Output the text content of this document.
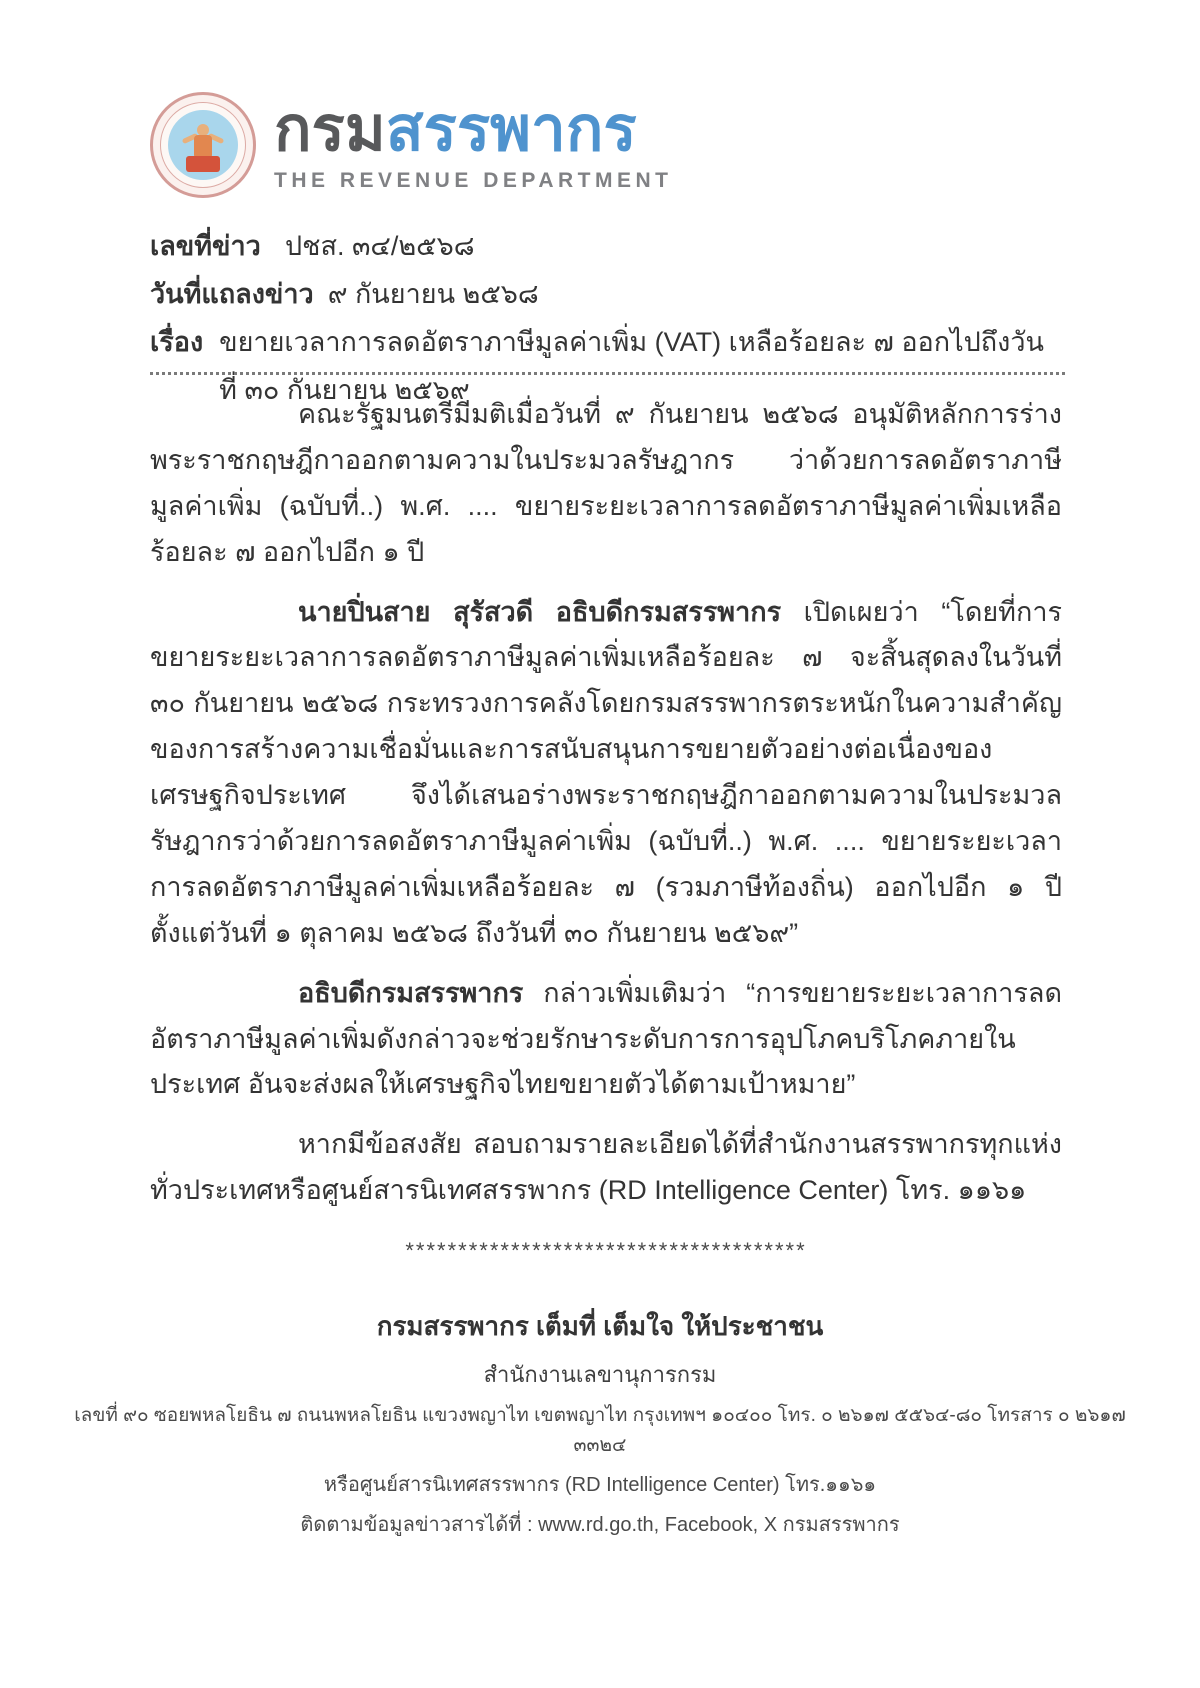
กรมสรรพากร
THE REVENUE DEPARTMENT
เลขที่ข่าว ปชส. ๓๔/๒๕๖๘
วันที่แถลงข่าว ๙ กันยายน ๒๕๖๘
เรื่อง ขยายเวลาการลดอัตราภาษีมูลค่าเพิ่ม (VAT) เหลือร้อยละ ๗ ออกไปถึงวันที่ ๓๐ กันยายน ๒๕๖๙

คณะรัฐมนตรีมีมติเมื่อวันที่ ๙ กันยายน ๒๕๖๘ อนุมัติหลักการร่างพระราชกฤษฎีกาออกตามความในประมวลรัษฎากร ว่าด้วยการลดอัตราภาษีมูลค่าเพิ่ม (ฉบับที่..) พ.ศ. .... ขยายระยะเวลาการลดอัตราภาษีมูลค่าเพิ่มเหลือร้อยละ ๗ ออกไปอีก ๑ ปี

นายปิ่นสาย สุรัสวดี อธิบดีกรมสรรพากร เปิดเผยว่า “โดยที่การขยายระยะเวลาการลดอัตราภาษีมูลค่าเพิ่มเหลือร้อยละ ๗ จะสิ้นสุดลงในวันที่ ๓๐ กันยายน ๒๕๖๘ กระทรวงการคลังโดยกรมสรรพากรตระหนักในความสำคัญของการสร้างความเชื่อมั่นและการสนับสนุนการขยายตัวอย่างต่อเนื่องของเศรษฐกิจประเทศ จึงได้เสนอร่างพระราชกฤษฎีกาออกตามความในประมวลรัษฎากรว่าด้วยการลดอัตราภาษีมูลค่าเพิ่ม (ฉบับที่..) พ.ศ. .... ขยายระยะเวลาการลดอัตราภาษีมูลค่าเพิ่มเหลือร้อยละ ๗ (รวมภาษีท้องถิ่น) ออกไปอีก ๑ ปี ตั้งแต่วันที่ ๑ ตุลาคม ๒๕๖๘ ถึงวันที่ ๓๐ กันยายน ๒๕๖๙”

อธิบดีกรมสรรพากร กล่าวเพิ่มเติมว่า “การขยายระยะเวลาการลดอัตราภาษีมูลค่าเพิ่มดังกล่าวจะช่วยรักษาระดับการการอุปโภคบริโภคภายในประเทศ อันจะส่งผลให้เศรษฐกิจไทยขยายตัวได้ตามเป้าหมาย”

หากมีข้อสงสัย สอบถามรายละเอียดได้ที่สำนักงานสรรพากรทุกแห่งทั่วประเทศหรือศูนย์สารนิเทศสรรพากร (RD Intelligence Center) โทร. ๑๑๖๑

**************************************
กรมสรรพากร เต็มที่ เต็มใจ ให้ประชาชน
สำนักงานเลขานุการกรม
เลขที่ ๙๐ ซอยพหลโยธิน ๗ ถนนพหลโยธิน แขวงพญาไท เขตพญาไท กรุงเทพฯ ๑๐๔๐๐ โทร. ๐ ๒๖๑๗ ๕๕๖๔-๘๐ โทรสาร ๐ ๒๖๑๗ ๓๓๒๔
หรือศูนย์สารนิเทศสรรพากร (RD Intelligence Center) โทร.๑๑๖๑
ติดตามข้อมูลข่าวสารได้ที่ : www.rd.go.th, Facebook, X กรมสรรพากร
